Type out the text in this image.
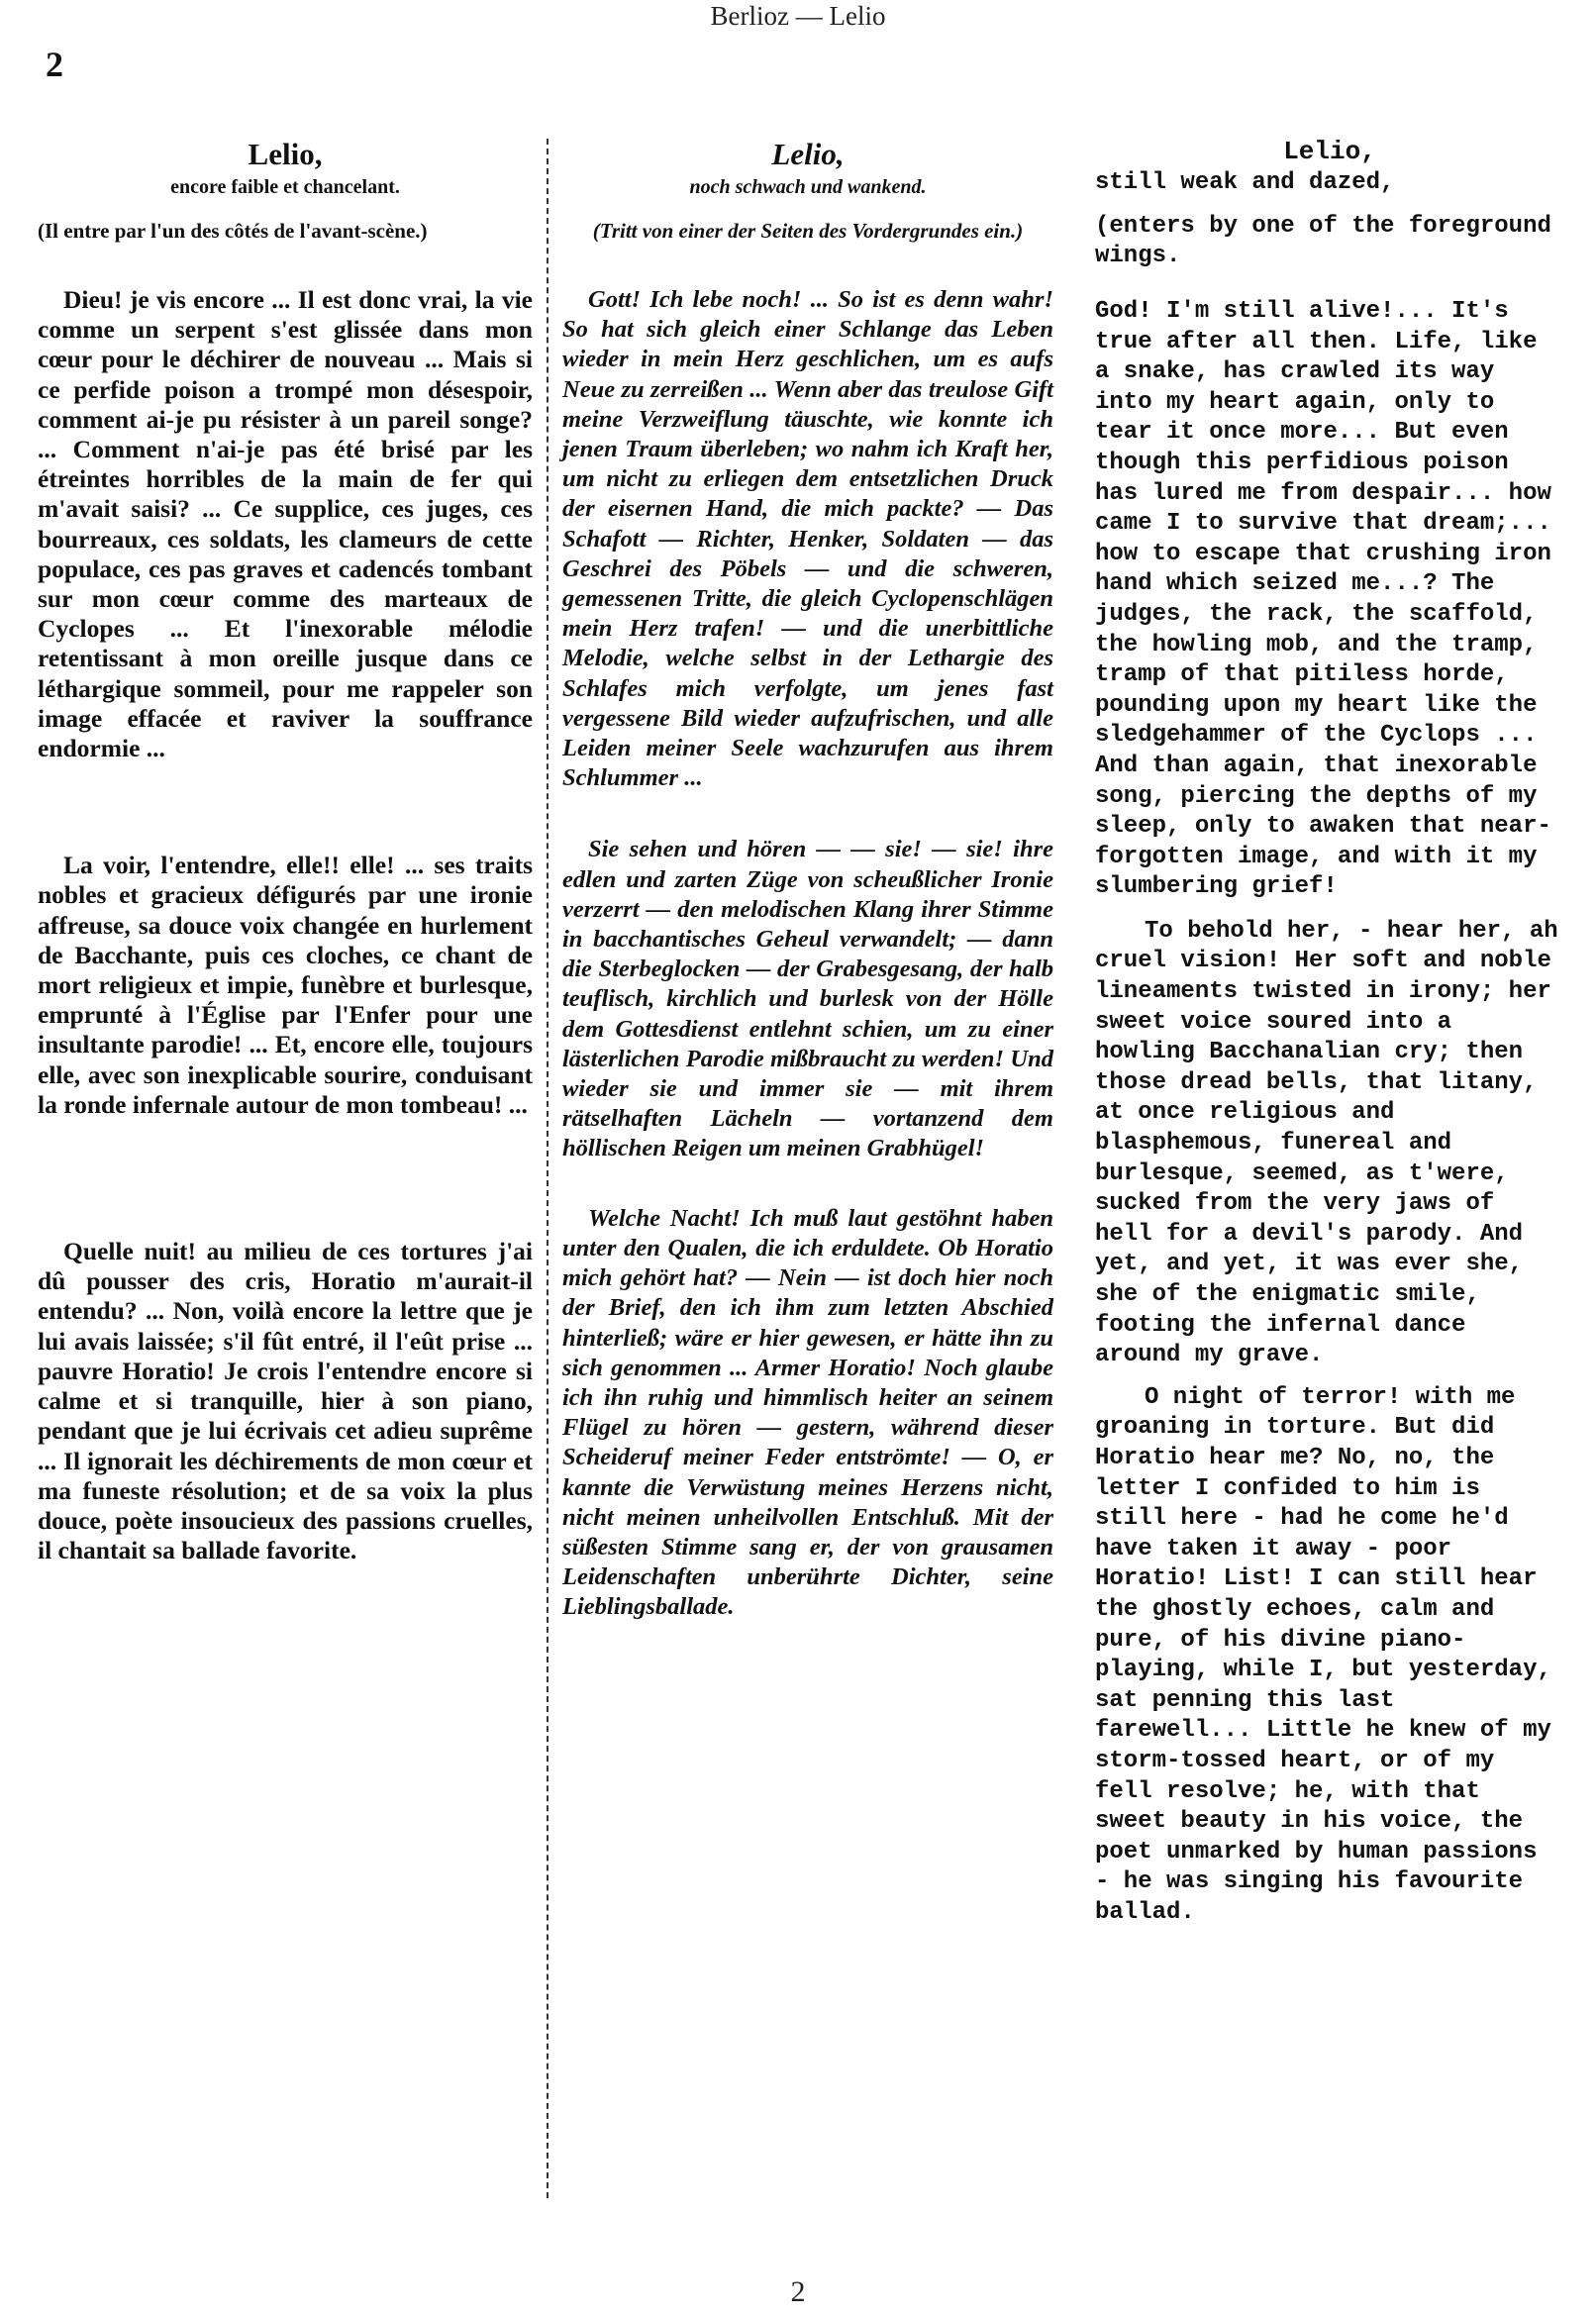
Berlioz — Lelio
2
Lelio,
encore faible et chancelant.
(Il entre par l'un des côtés de l'avant-scène.)

Dieu! je vis encore ... Il est donc vrai, la vie comme un serpent s'est glissée dans mon cœur pour le déchirer de nouveau ... Mais si ce perfide poison a trompé mon désespoir, comment ai-je pu résister à un pareil songe? ... Comment n'ai-je pas été brisé par les étreintes horribles de la main de fer qui m'avait saisi? ... Ce supplice, ces juges, ces bourreaux, ces soldats, les clameurs de cette populace, ces pas graves et cadencés tombant sur mon cœur comme des marteaux de Cyclopes ... Et l'inexorable mélodie retentissant à mon oreille jusque dans ce léthargique sommeil, pour me rappeler son image effacée et raviver la souffrance endormie ...

La voir, l'entendre, elle!! elle! ... ses traits nobles et gracieux défigurés par une ironie affreuse, sa douce voix changée en hurlement de Bacchante, puis ces cloches, ce chant de mort religieux et impie, funèbre et burlesque, emprunté à l'Église par l'Enfer pour une insultante parodie! ... Et, encore elle, toujours elle, avec son inexplicable sourire, conduisant la ronde infernale autour de mon tombeau! ...

Quelle nuit! au milieu de ces tortures j'ai dû pousser des cris, Horatio m'aurait-il entendu? ... Non, voilà encore la lettre que je lui avais laissée; s'il fût entré, il l'eût prise ... pauvre Horatio! Je crois l'entendre encore si calme et si tranquille, hier à son piano, pendant que je lui écrivais cet adieu suprême ... Il ignorait les déchirements de mon cœur et ma funeste résolution; et de sa voix la plus douce, poète insoucieux des passions cruelles, il chantait sa ballade favorite.

Lelio,
noch schwach und wankend.
(Tritt von einer der Seiten des Vordergrundes ein.)

Gott! Ich lebe noch! ... So ist es denn wahr! So hat sich gleich einer Schlange das Leben wieder in mein Herz geschlichen, um es aufs Neue zu zerreißen ... Wenn aber das treulose Gift meine Verzweiflung täuschte, wie konnte ich jenen Traum überleben; wo nahm ich Kraft her, um nicht zu erliegen dem entsetzlichen Druck der eisernen Hand, die mich packte? — Das Schafott — Richter, Henker, Soldaten — das Geschrei des Pöbels — und die schweren, gemessenen Tritte, die gleich Cyclopenschlägen mein Herz trafen! — und die unerbittliche Melodie, welche selbst in der Lethargie des Schlafes mich verfolgte, um jenes fast vergessene Bild wieder aufzufrischen, und alle Leiden meiner Seele wachzurufen aus ihrem Schlummer ...

Sie sehen und hören — — sie! — sie! ihre edlen und zarten Züge von scheußlicher Ironie verzerrt — den melodischen Klang ihrer Stimme in bacchantisches Geheul verwandelt; — dann die Sterbeglocken — der Grabesgesang, der halb teuflisch, kirchlich und burlesk von der Hölle dem Gottesdienst entlehnt schien, um zu einer lästerlichen Parodie mißbraucht zu werden! Und wieder sie und immer sie — mit ihrem rätselhaften Lächeln — vortanzend dem höllischen Reigen um meinen Grabhügel!

Welche Nacht! Ich muß laut gestöhnt haben unter den Qualen, die ich erduldete. Ob Horatio mich gehört hat? — Nein — ist doch hier noch der Brief, den ich ihm zum letzten Abschied hinterließ; wäre er hier gewesen, er hätte ihn zu sich genommen ... Armer Horatio! Noch glaube ich ihn ruhig und himmlisch heiter an seinem Flügel zu hören — gestern, während dieser Scheideruf meiner Feder entströmte! — O, er kannte die Verwüstung meines Herzens nicht, nicht meinen unheilvollen Entschluß. Mit der süßesten Stimme sang er, der von grausamen Leidenschaften unberührte Dichter, seine Lieblingsballade.

Lelio,
still weak and dazed,
(enters by one of the foreground wings.

God! I'm still alive!... It's true after all then. Life, like a snake, has crawled its way into my heart again, only to tear it once more... But even though this perfidious poison has lured me from despair... how came I to survive that dream;... how to escape that crushing iron hand which seized me...? The judges, the rack, the scaffold, the howling mob, and the tramp, tramp of that pitiless horde, pounding upon my heart like the sledgehammer of the Cyclops ... And than again, that inexorable song, piercing the depths of my sleep, only to awaken that near-forgotten image, and with it my slumbering grief!

To behold her, - hear her, ah cruel vision! Her soft and noble lineaments twisted in irony; her sweet voice soured into a howling Bacchanalian cry; then those dread bells, that litany, at once religious and blasphemous, funereal and burlesque, seemed, as t'were, sucked from the very jaws of hell for a devil's parody. And yet, and yet, it was ever she, she of the enigmatic smile, footing the infernal dance around my grave.

O night of terror! with me groaning in torture. But did Horatio hear me? No, no, the letter I confided to him is still here - had he come he'd have taken it away - poor Horatio! List! I can still hear the ghostly echoes, calm and pure, of his divine piano-playing, while I, but yesterday, sat penning this last farewell... Little he knew of my storm-tossed heart, or of my fell resolve; he, with that sweet beauty in his voice, the poet unmarked by human passions - he was singing his favourite ballad.

2
